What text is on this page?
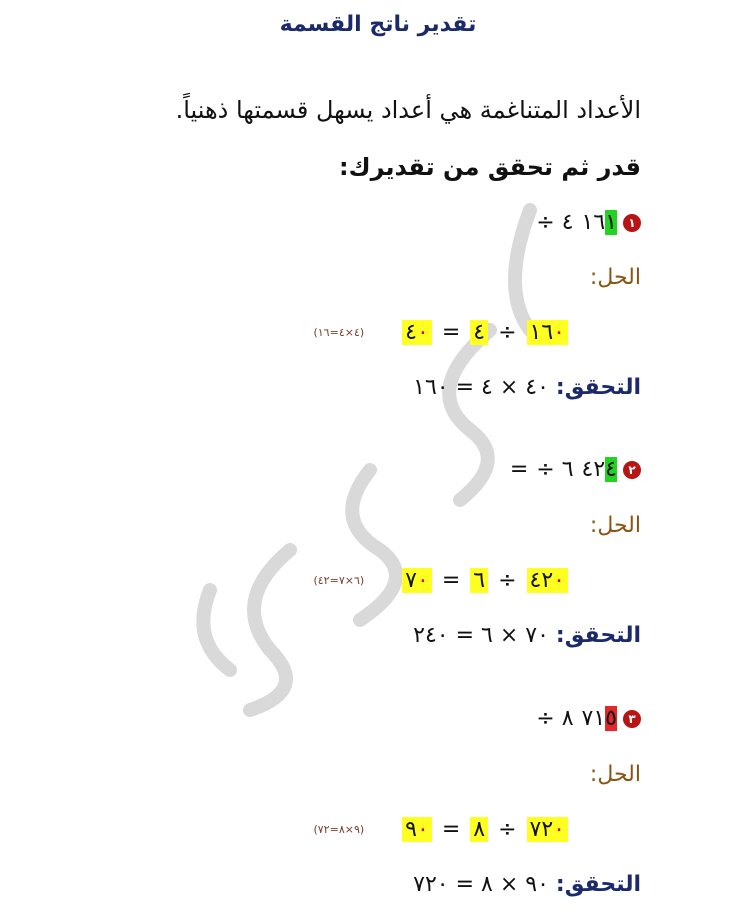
تقدير ناتج القسمة
الأعداد المتناغمة هي أعداد يسهل قسمتها ذهنياً.
قدر ثم تحقق من تقديرك:
÷ ٤ ١٦ ١ ١
الحل:
(٤×٤=١٦) ٤٠ = ٤ ÷ ١٦٠
التحقق: ٤٠ × ٤ = ١٦٠
= ÷ ٦ ٤٢ ٤ ٢
الحل:
(٦×٧=٤٢) ٧٠ = ٦ ÷ ٤٢٠
التحقق: ٧٠ × ٦ = ٢٤٠
÷ ٨ ٧١ ٥ ٣
الحل:
(٩×٨=٧٢) ٩٠ = ٨ ÷ ٧٢٠
التحقق: ٩٠ × ٨ = ٧٢٠
